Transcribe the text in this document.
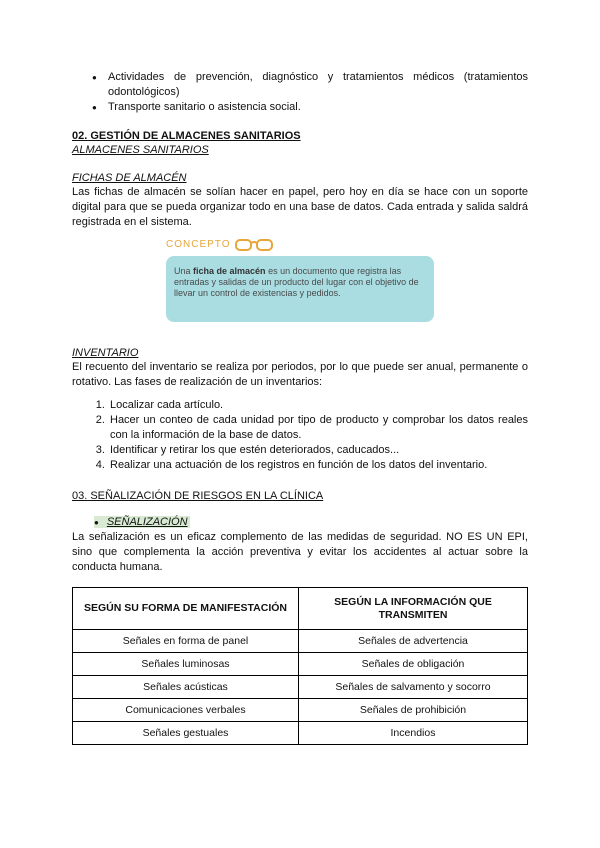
● Actividades de prevención, diagnóstico y tratamientos médicos (tratamientos odontológicos)
● Transporte sanitario o asistencia social.
02. GESTIÓN DE ALMACENES SANITARIOS
ALMACENES SANITARIOS
FICHAS DE ALMACÉN

Las fichas de almacén se solían hacer en papel, pero hoy en día se hace con un soporte digital para que se pueda organizar todo en una base de datos. Cada entrada y salida saldrá registrada en el sistema.

CONCEPTO
Una ficha de almacén es un documento que registra las entradas y salidas de un producto del lugar con el objetivo de llevar un control de existencias y pedidos.
INVENTARIO

El recuento del inventario se realiza por periodos, por lo que puede ser anual, permanente o rotativo. Las fases de realización de un inventarios:

1. Localizar cada artículo.
2. Hacer un conteo de cada unidad por tipo de producto y comprobar los datos reales con la información de la base de datos.
3. Identificar y retirar los que estén deteriorados, caducados...
4. Realizar una actuación de los registros en función de los datos del inventario.
03. SEÑALIZACIÓN DE RIESGOS EN LA CLÍNICA
● SEÑALIZACIÓN

La señalización es un eficaz complemento de las medidas de seguridad. NO ES UN EPI, sino que complementa la acción preventiva y evitar los accidentes al actuar sobre la conducta humana.

SEGÚN SU FORMA DE MANIFESTACIÓN	SEGÚN LA INFORMACIÓN QUE TRANSMITEN
Señales en forma de panel	Señales de advertencia
Señales luminosas	Señales de obligación
Señales acústicas	Señales de salvamento y socorro
Comunicaciones verbales	Señales de prohibición
Señales gestuales	Incendios
